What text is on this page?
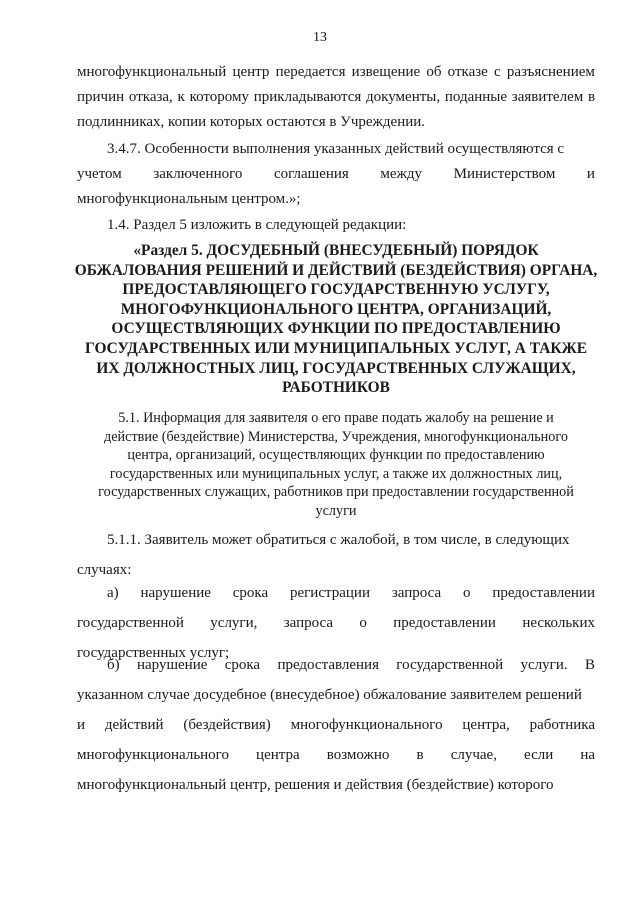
13
многофункциональный центр передается извещение об отказе с разъяснением
причин отказа, к которому прикладываются документы, поданные заявителем в
подлинниках, копии которых остаются в Учреждении.
3.4.7. Особенности выполнения указанных действий осуществляются с
учетом заключенного соглашения между Министерством и
многофункциональным центром.»;
1.4. Раздел 5 изложить в следующей редакции:
«Раздел 5. ДОСУДЕБНЫЙ (ВНЕСУДЕБНЫЙ) ПОРЯДОК
ОБЖАЛОВАНИЯ РЕШЕНИЙ И ДЕЙСТВИЙ (БЕЗДЕЙСТВИЯ) ОРГАНА,
ПРЕДОСТАВЛЯЮЩЕГО ГОСУДАРСТВЕННУЮ УСЛУГУ,
МНОГОФУНКЦИОНАЛЬНОГО ЦЕНТРА, ОРГАНИЗАЦИЙ,
ОСУЩЕСТВЛЯЮЩИХ ФУНКЦИИ ПО ПРЕДОСТАВЛЕНИЮ
ГОСУДАРСТВЕННЫХ ИЛИ МУНИЦИПАЛЬНЫХ УСЛУГ, А ТАКЖЕ
ИХ ДОЛЖНОСТНЫХ ЛИЦ, ГОСУДАРСТВЕННЫХ СЛУЖАЩИХ,
РАБОТНИКОВ
5.1. Информация для заявителя о его праве подать жалобу на решение и
действие (бездействие) Министерства, Учреждения, многофункционального
центра, организаций, осуществляющих функции по предоставлению
государственных или муниципальных услуг, а также их должностных лиц,
государственных служащих, работников при предоставлении государственной
услуги
5.1.1. Заявитель может обратиться с жалобой, в том числе, в следующих
случаях:
а) нарушение срока регистрации запроса о предоставлении
государственной услуги, запроса о предоставлении нескольких
государственных услуг;
б) нарушение срока предоставления государственной услуги. В
указанном случае досудебное (внесудебное) обжалование заявителем решений
и действий (бездействия) многофункционального центра, работника
многофункционального центра возможно в случае, если на
многофункциональный центр, решения и действия (бездействие) которого
